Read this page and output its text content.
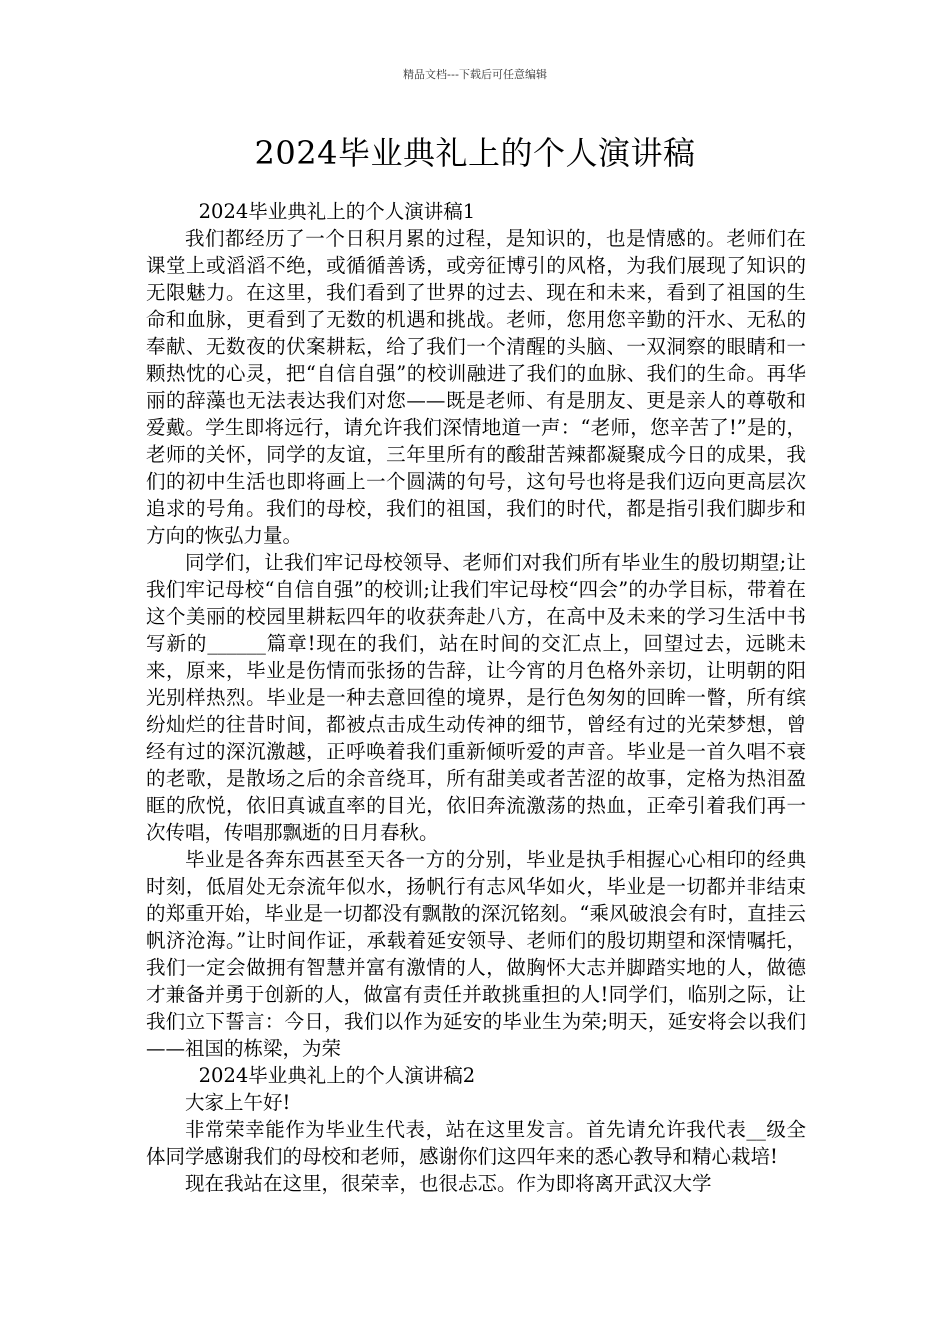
精品文档---下载后可任意编辑
2024毕业典礼上的个人演讲稿

2024毕业典礼上的个人演讲稿1

我们都经历了一个日积月累的过程，是知识的，也是情感的。老师们在课堂上或滔滔不绝，或循循善诱，或旁征博引的风格，为我们展现了知识的无限魅力。在这里，我们看到了世界的过去、现在和未来，看到了祖国的生命和血脉，更看到了无数的机遇和挑战。老师，您用您辛勤的汗水、无私的奉献、无数夜的伏案耕耘，给了我们一个清醒的头脑、一双洞察的眼睛和一颗热忱的心灵，把“自信自强”的校训融进了我们的血脉、我们的生命。再华丽的辞藻也无法表达我们对您——既是老师、有是朋友、更是亲人的尊敬和爱戴。学生即将远行，请允许我们深情地道一声：“老师，您辛苦了!”是的，老师的关怀，同学的友谊，三年里所有的酸甜苦辣都凝聚成今日的成果，我们的初中生活也即将画上一个圆满的句号，这句号也将是我们迈向更高层次追求的号角。我们的母校，我们的祖国，我们的时代，都是指引我们脚步和方向的恢弘力量。

同学们，让我们牢记母校领导、老师们对我们所有毕业生的殷切期望;让我们牢记母校“自信自强”的校训;让我们牢记母校“四会”的办学目标，带着在这个美丽的校园里耕耘四年的收获奔赴八方，在高中及未来的学习生活中书写新的______篇章!现在的我们，站在时间的交汇点上，回望过去，远眺未来，原来，毕业是伤情而张扬的告辞，让今宵的月色格外亲切，让明朝的阳光别样热烈。毕业是一种去意回徨的境界，是行色匆匆的回眸一瞥，所有缤纷灿烂的往昔时间，都被点击成生动传神的细节，曾经有过的光荣梦想，曾经有过的深沉激越，正呼唤着我们重新倾听爱的声音。毕业是一首久唱不衰的老歌，是散场之后的余音绕耳，所有甜美或者苦涩的故事，定格为热泪盈眶的欣悦，依旧真诚直率的目光，依旧奔流激荡的热血，正牵引着我们再一次传唱，传唱那飘逝的日月春秋。

毕业是各奔东西甚至天各一方的分别，毕业是执手相握心心相印的经典时刻，低眉处无奈流年似水，扬帆行有志风华如火，毕业是一切都并非结束的郑重开始，毕业是一切都没有飘散的深沉铭刻。“乘风破浪会有时，直挂云帆济沧海。”让时间作证，承载着延安领导、老师们的殷切期望和深情嘱托，我们一定会做拥有智慧并富有激情的人，做胸怀大志并脚踏实地的人，做德才兼备并勇于创新的人，做富有责任并敢挑重担的人!同学们，临别之际，让我们立下誓言：今日，我们以作为延安的毕业生为荣;明天，延安将会以我们——祖国的栋梁，为荣

2024毕业典礼上的个人演讲稿2

大家上午好!

非常荣幸能作为毕业生代表，站在这里发言。首先请允许我代表__级全体同学感谢我们的母校和老师，感谢你们这四年来的悉心教导和精心栽培!

现在我站在这里，很荣幸，也很忐忑。作为即将离开武汉大学
